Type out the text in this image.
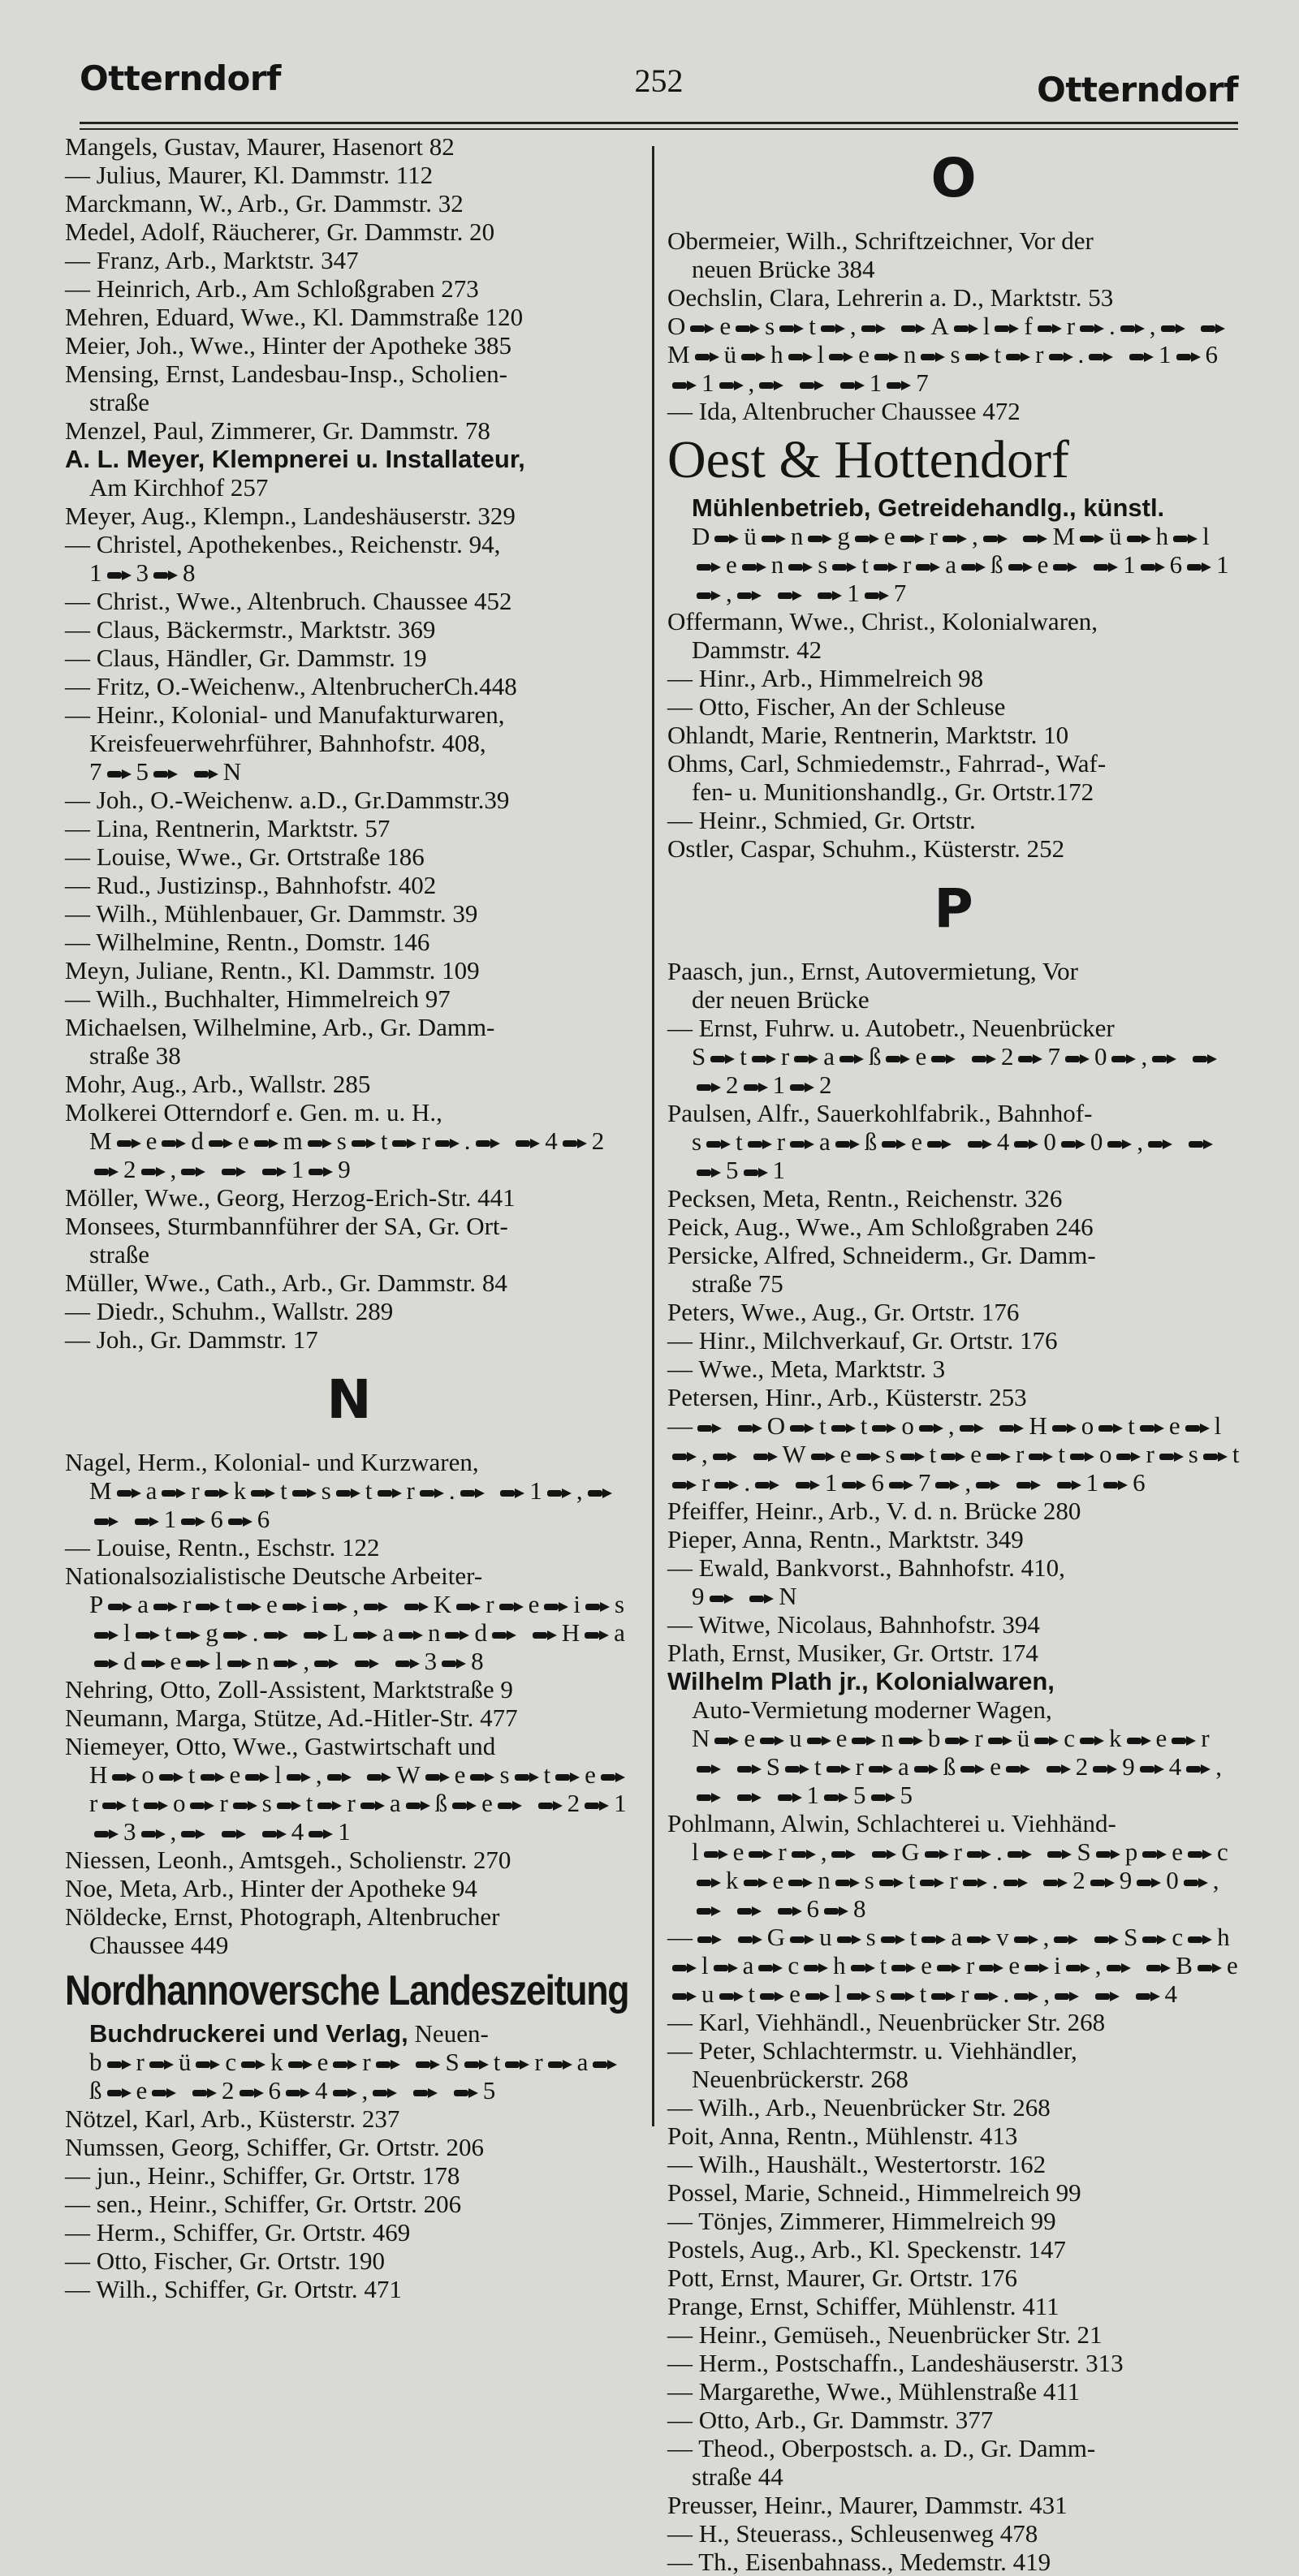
Otterndorf	252	Otterndorf
Mangels, Gustav, Maurer, Hasenort 82
— Julius, Maurer, Kl. Dammstr. 112
Marckmann, W., Arb., Gr. Dammstr. 32
Medel, Adolf, Räucherer, Gr. Dammstr. 20
— Franz, Arb., Marktstr. 347
— Heinrich, Arb., Am Schloßgraben 273
Mehren, Eduard, Wwe., Kl. Dammstraße 120
Meier, Joh., Wwe., Hinter der Apotheke 385
Mensing, Ernst, Landesbau-Insp., Scholien-
straße
Menzel, Paul, Zimmerer, Gr. Dammstr. 78
A. L. Meyer, Klempnerei u. Installateur,
Am Kirchhof 257
Meyer, Aug., Klempn., Landeshäuserstr. 329
— Christel, Apothekenbes., Reichenstr. 94,
1 3 8
— Christ., Wwe., Altenbruch. Chaussee 452
— Claus, Bäckermstr., Marktstr. 369
— Claus, Händler, Gr. Dammstr. 19
— Fritz, O.-Weichenw., AltenbrucherCh.448
— Heinr., Kolonial- und Manufakturwaren,
Kreisfeuerwehrführer, Bahnhofstr. 408,
7 5	N
— Joh., O.-Weichenw. a.D., Gr.Dammstr.39
— Lina, Rentnerin, Marktstr. 57
— Louise, Wwe., Gr. Ortstraße 186
— Rud., Justizinsp., Bahnhofstr. 402
— Wilh., Mühlenbauer, Gr. Dammstr. 39
— Wilhelmine, Rentn., Domstr. 146
Meyn, Juliane, Rentn., Kl. Dammstr. 109
— Wilh., Buchhalter, Himmelreich 97
Michaelsen, Wilhelmine, Arb., Gr. Damm-
straße 38
Mohr, Aug., Arb., Wallstr. 285
Molkerei Otterndorf e. Gen. m. u. H.,
M e d e m s t r .	4 22 ,	1 9
Möller, Wwe., Georg, Herzog-Erich-Str. 441
Monsees, Sturmbannführer der SA, Gr. Ort-
straße
Müller, Wwe., Cath., Arb., Gr. Dammstr. 84
— Diedr., Schuhm., Wallstr. 289
— Joh., Gr. Dammstr. 17
N
Nagel, Herm., Kolonial- und Kurzwaren,
M a r k t s t r .	1 ,  1 6 6
— Louise, Rentn., Eschstr. 122
Nationalsozialistische Deutsche Arbeiter-
P a r t e i ,	K r e i sl t g .	L a n d	H ad e l n ,	3 8
Nehring, Otto, Zoll-Assistent, Marktstraße 9
Neumann, Marga, Stütze, Ad.-Hitler-Str. 477
Niemeyer, Otto, Wwe., Gastwirtschaft und
H o t e l ,	W e s t er t o r s t r a ß e	2 13 ,	4 1
Niessen, Leonh., Amtsgeh., Scholienstr. 270
Noe, Meta, Arb., Hinter der Apotheke 94
Nöldecke, Ernst, Photograph, Altenbrucher
Chaussee 449
Nordhannoversche Landeszeitung
Buchdruckerei und Verlag, Neuen-
b r ü c k e r	S t r aß e	2 6 4 ,	5
Nötzel, Karl, Arb., Küsterstr. 237
Numssen, Georg, Schiffer, Gr. Ortstr. 206
— jun., Heinr., Schiffer, Gr. Ortstr. 178
— sen., Heinr., Schiffer, Gr. Ortstr. 206
— Herm., Schiffer, Gr. Ortstr. 469
— Otto, Fischer, Gr. Ortstr. 190
— Wilh., Schiffer, Gr. Ortstr. 471
O
Obermeier, Wilh., Schriftzeichner, Vor der
neuen Brücke 384
Oechslin, Clara, Lehrerin a. D., Marktstr. 53
O e s t ,	A l f r . , M ü h l e n s t r .	1 61 ,	1 7
— Ida, Altenbrucher Chaussee 472
Oest & Hottendorf
Mühlenbetrieb, Getreidehandlg., künstl.
D ü n g e r ,	M ü h le n s t r a ß e	1 6 1,	1 7
Offermann, Wwe., Christ., Kolonialwaren,
Dammstr. 42
— Hinr., Arb., Himmelreich 98
— Otto, Fischer, An der Schleuse
Ohlandt, Marie, Rentnerin, Marktstr. 10
Ohms, Carl, Schmiedemstr., Fahrrad-, Waf-
fen- u. Munitionshandlg., Gr. Ortstr.172
— Heinr., Schmied, Gr. Ortstr.
Ostler, Caspar, Schuhm., Küsterstr. 252
P
Paasch, jun., Ernst, Autovermietung, Vor
der neuen Brücke
— Ernst, Fuhrw. u. Autobetr., Neuenbrücker
S t r a ß e	2 7 0 ,  2 1 2
Paulsen, Alfr., Sauerkohlfabrik., Bahnhof-
s t r a ß e	4 0 0 ,  5 1
Pecksen, Meta, Rentn., Reichenstr. 326
Peick, Aug., Wwe., Am Schloßgraben 246
Persicke, Alfred, Schneiderm., Gr. Damm-
straße 75
Peters, Wwe., Aug., Gr. Ortstr. 176
— Hinr., Milchverkauf, Gr. Ortstr. 176
— Wwe., Meta, Marktstr. 3
Petersen, Hinr., Arb., Küsterstr. 253
—	O t t o ,	H o t e l,	W e s t e r t o r s tr .	1 6 7 ,	1 6
Pfeiffer, Heinr., Arb., V. d. n. Brücke 280
Pieper, Anna, Rentn., Marktstr. 349
— Ewald, Bankvorst., Bahnhofstr. 410,
9	N
— Witwe, Nicolaus, Bahnhofstr. 394
Plath, Ernst, Musiker, Gr. Ortstr. 174
Wilhelm Plath jr., Kolonialwaren,
Auto-Vermietung moderner Wagen,
N e u e n b r ü c k e r S t r a ß e	2 9 4 ,  1 5 5
Pohlmann, Alwin, Schlachterei u. Viehhänd-
l e r ,	G r .	S p e ck e n s t r .	2 9 0 ,  6 8
—	G u s t a v ,	S c hl a c h t e r e i ,	B eu t e l s t r . ,	4
— Karl, Viehhändl., Neuenbrücker Str. 268
— Peter, Schlachtermstr. u. Viehhändler,
Neuenbrückerstr. 268
— Wilh., Arb., Neuenbrücker Str. 268
Poit, Anna, Rentn., Mühlenstr. 413
— Wilh., Haushält., Westertorstr. 162
Possel, Marie, Schneid., Himmelreich 99
— Tönjes, Zimmerer, Himmelreich 99
Postels, Aug., Arb., Kl. Speckenstr. 147
Pott, Ernst, Maurer, Gr. Ortstr. 176
Prange, Ernst, Schiffer, Mühlenstr. 411
— Heinr., Gemüseh., Neuenbrücker Str. 21
— Herm., Postschaffn., Landeshäuserstr. 313
— Margarethe, Wwe., Mühlenstraße 411
— Otto, Arb., Gr. Dammstr. 377
— Theod., Oberpostsch. a. D., Gr. Damm-
straße 44
Preusser, Heinr., Maurer, Dammstr. 431
— H., Steuerass., Schleusenweg 478
— Th., Eisenbahnass., Medemstr. 419
